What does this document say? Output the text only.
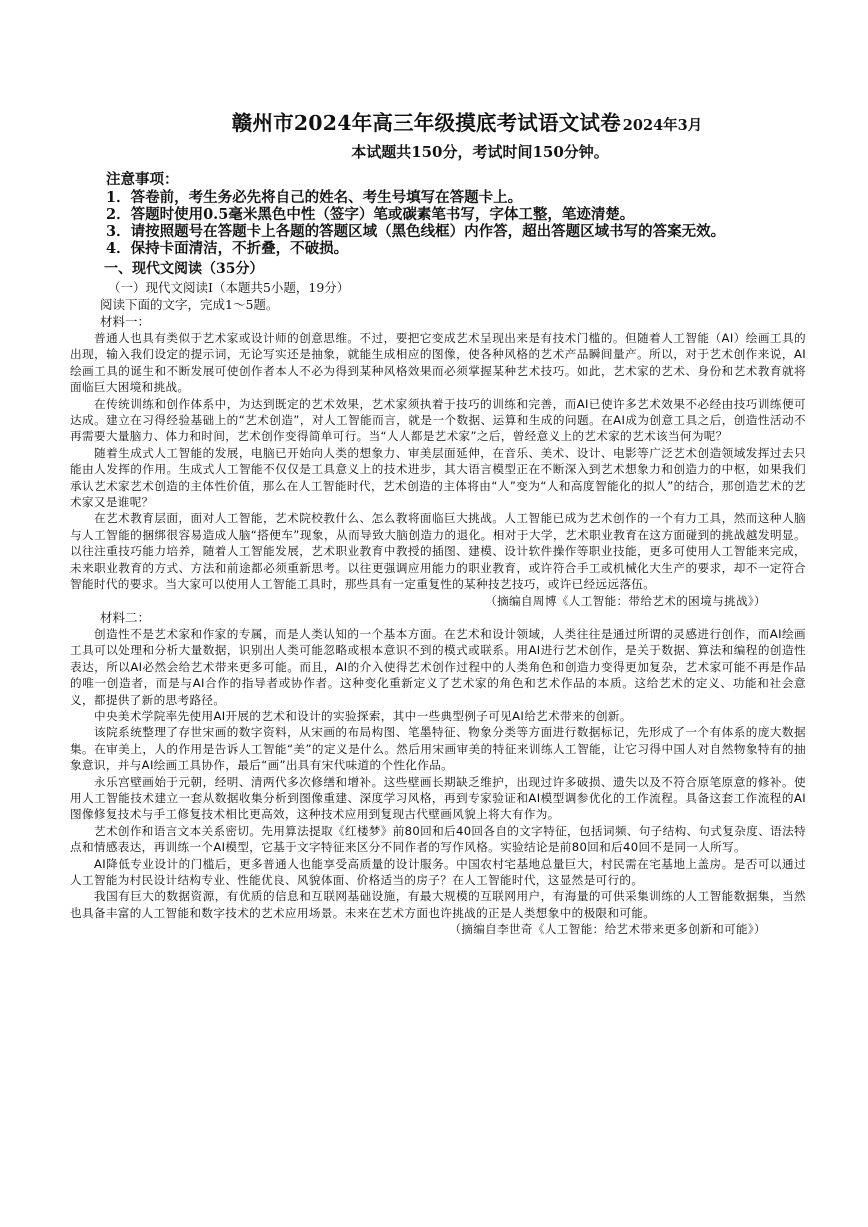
赣州市2024年高三年级摸底考试语文试卷 2024年3月
本试题共150分，考试时间150分钟。
注意事项：
1．答卷前，考生务必先将自己的姓名、考生号填写在答题卡上。
2．答题时使用0.5毫米黑色中性（签字）笔或碳素笔书写，字体工整，笔迹清楚。
3．请按照题号在答题卡上各题的答题区域（黑色线框）内作答，超出答题区域书写的答案无效。
4．保持卡面清洁，不折叠，不破损。
一、现代文阅读（35分）
（一）现代文阅读Ⅰ（本题共5小题，19分）
阅读下面的文字，完成1～5题。
材料一：

普通人也具有类似于艺术家或设计师的创意思维。不过，要把它变成艺术呈现出来是有技术门槛的。但随着人工智能（AI）绘画工具的出现，输入我们设定的提示词，无论写实还是抽象，就能生成相应的图像，使各种风格的艺术产品瞬间量产。所以，对于艺术创作来说，AI绘画工具的诞生和不断发展可使创作者本人不必为得到某种风格效果而必须掌握某种艺术技巧。如此，艺术家的艺术、身份和艺术教育就将面临巨大困境和挑战。

在传统训练和创作体系中，为达到既定的艺术效果，艺术家须执着于技巧的训练和完善，而AI已使许多艺术效果不必经由技巧训练便可达成。建立在习得经验基础上的“艺术创造”，对人工智能而言，就是一个数据、运算和生成的问题。在AI成为创意工具之后，创造性活动不再需要大量脑力、体力和时间，艺术创作变得简单可行。当“人人都是艺术家”之后，曾经意义上的艺术家的艺术该当何为呢？

随着生成式人工智能的发展，电脑已开始向人类的想象力、审美层面延伸，在音乐、美术、设计、电影等广泛艺术创造领域发挥过去只能由人发挥的作用。生成式人工智能不仅仅是工具意义上的技术进步，其大语言模型正在不断深入到艺术想象力和创造力的中枢，如果我们承认艺术家艺术创造的主体性价值，那么在人工智能时代，艺术创造的主体将由“人”变为“人和高度智能化的拟人”的结合，那创造艺术的艺术家又是谁呢？

在艺术教育层面，面对人工智能，艺术院校教什么、怎么教将面临巨大挑战。人工智能已成为艺术创作的一个有力工具，然而这种人脑与人工智能的捆绑很容易造成人脑“搭便车”现象，从而导致大脑创造力的退化。相对于大学，艺术职业教育在这方面碰到的挑战越发明显。以往注重技巧能力培养，随着人工智能发展，艺术职业教育中教授的插图、建模、设计软件操作等职业技能，更多可使用人工智能来完成，未来职业教育的方式、方法和前途都必须重新思考。以往更强调应用能力的职业教育，或许符合手工或机械化大生产的要求，却不一定符合智能时代的要求。当大家可以使用人工智能工具时，那些具有一定重复性的某种技艺技巧，或许已经远远落伍。

（摘编自周博《人工智能：带给艺术的困境与挑战》）

材料二：

创造性不是艺术家和作家的专属，而是人类认知的一个基本方面。在艺术和设计领域，人类往往是通过所谓的灵感进行创作，而AI绘画工具可以处理和分析大量数据，识别出人类可能忽略或根本意识不到的模式或联系。用AI进行艺术创作，是关于数据、算法和编程的创造性表达，所以AI必然会给艺术带来更多可能。而且，AI的介入使得艺术创作过程中的人类角色和创造力变得更加复杂，艺术家可能不再是作品的唯一创造者，而是与AI合作的指导者或协作者。这种变化重新定义了艺术家的角色和艺术作品的本质。这给艺术的定义、功能和社会意义，都提供了新的思考路径。

中央美术学院率先使用AI开展的艺术和设计的实验探索，其中一些典型例子可见AI给艺术带来的创新。

该院系统整理了存世宋画的数字资料，从宋画的布局构图、笔墨特征、物象分类等方面进行数据标记，先形成了一个有体系的庞大数据集。在审美上，人的作用是告诉人工智能“美”的定义是什么。然后用宋画审美的特征来训练人工智能，让它习得中国人对自然物象特有的抽象意识，并与AI绘画工具协作，最后“画”出具有宋代味道的个性化作品。

永乐宫壁画始于元朝，经明、清两代多次修缮和增补。这些壁画长期缺乏维护，出现过许多破损、遗失以及不符合原笔原意的修补。使用人工智能技术建立一套从数据收集分析到图像重建、深度学习风格，再到专家验证和AI模型调参优化的工作流程。具备这套工作流程的AI图像修复技术与手工修复技术相比更高效，这种技术应用到复现古代壁画风貌上将大有作为。

艺术创作和语言文本关系密切。先用算法提取《红楼梦》前80回和后40回各自的文字特征，包括词频、句子结构、句式复杂度、语法特点和情感表达，再训练一个AI模型，它基于文字特征来区分不同作者的写作风格。实验结论是前80回和后40回不是同一人所写。

AI降低专业设计的门槛后，更多普通人也能享受高质量的设计服务。中国农村宅基地总量巨大，村民需在宅基地上盖房。是否可以通过人工智能为村民设计结构专业、性能优良、风貌体面、价格适当的房子？在人工智能时代，这显然是可行的。

我国有巨大的数据资源，有优质的信息和互联网基础设施，有最大规模的互联网用户，有海量的可供采集训练的人工智能数据集，当然也具备丰富的人工智能和数字技术的艺术应用场景。未来在艺术方面也许挑战的正是人类想象中的极限和可能。

（摘编自李世奇《人工智能：给艺术带来更多创新和可能》）
